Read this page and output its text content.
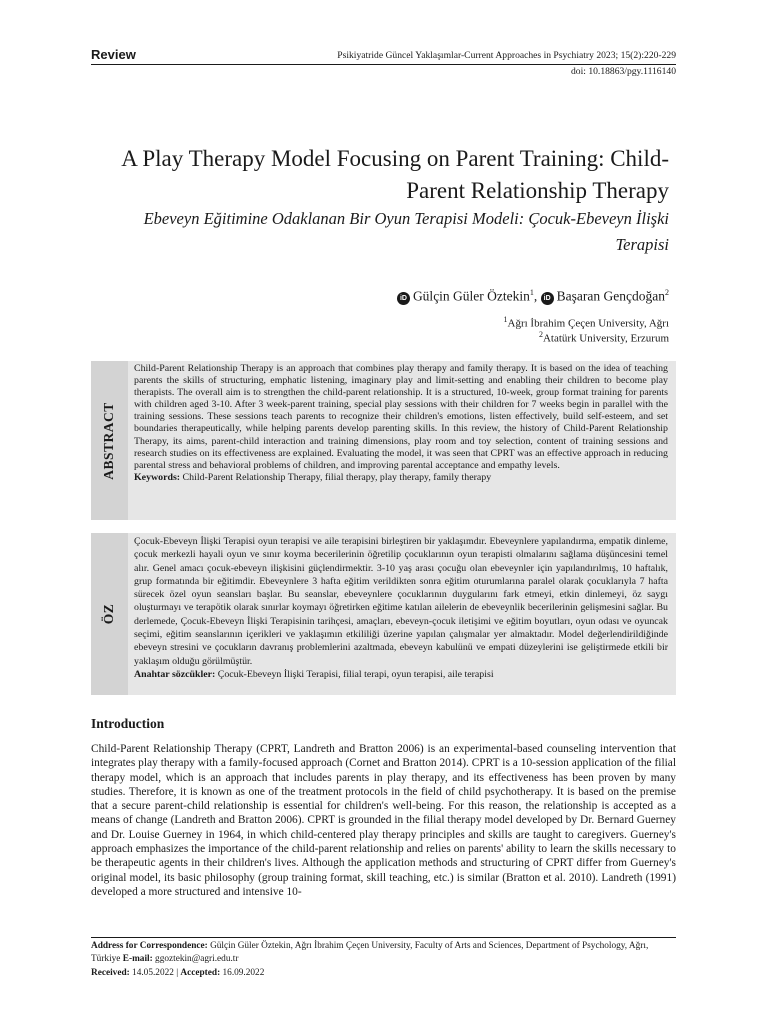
Review	Psikiyatride Güncel Yaklaşımlar-Current Approaches in Psychiatry 2023; 15(2):220-229
doi: 10.18863/pgy.1116140
A Play Therapy Model Focusing on Parent Training: Child-Parent Relationship Therapy
Ebeveyn Eğitimine Odaklanan Bir Oyun Terapisi Modeli: Çocuk-Ebeveyn İlişki Terapisi
iD Gülçin Güler Öztekin$^1$, iD Başaran Gençdoğan$^2$
$^1$Ağrı İbrahim Çeçen University, Ağrı
$^2$Atatürk University, Erzurum
ABSTRACT
Child-Parent Relationship Therapy is an approach that combines play therapy and family therapy. It is based on the idea of teaching parents the skills of structuring, emphatic listening, imaginary play and limit-setting and enabling their children to become play therapists. The overall aim is to strengthen the child-parent relationship. It is a structured, 10-week, group format training for parents with children aged 3-10. After 3 week-parent training, special play sessions with their children for 7 weeks begin in parallel with the training sessions. These sessions teach parents to recognize their children's emotions, listen effectively, build self-esteem, and set boundaries therapeutically, while helping parents develop parenting skills. In this review, the history of Child-Parent Relationship Therapy, its aims, parent-child interaction and training dimensions, play room and toy selection, content of training sessions and research studies on its effectiveness are explained. Evaluating the model, it was seen that CPRT was an effective approach in reducing parental stress and behavioral problems of children, and improving parental acceptance and empathy levels.
Keywords: Child-Parent Relationship Therapy, filial therapy, play therapy, family therapy
ÖZ
Çocuk-Ebeveyn İlişki Terapisi oyun terapisi ve aile terapisini birleştiren bir yaklaşımdır. Ebeveynlere yapılandırma, empatik dinleme, çocuk merkezli hayali oyun ve sınır koyma becerilerinin öğretilip çocuklarının oyun terapisti olmalarını sağlama düşüncesini temel alır. Genel amacı çocuk-ebeveyn ilişkisini güçlendirmektir. 3-10 yaş arası çocuğu olan ebeveynler için yapılandırılmış, 10 haftalık, grup formatında bir eğitimdir. Ebeveynlere 3 hafta eğitim verildikten sonra eğitim oturumlarına paralel olarak çocuklarıyla 7 hafta sürecek özel oyun seansları başlar. Bu seanslar, ebeveynlere çocuklarının duygularını fark etmeyi, etkin dinlemeyi, öz saygı oluşturmayı ve terapötik olarak sınırlar koymayı öğretirken eğitime katılan ailelerin de ebeveynlik becerilerinin gelişmesini sağlar. Bu derlemede, Çocuk-Ebeveyn İlişki Terapisinin tarihçesi, amaçları, ebeveyn-çocuk iletişimi ve eğitim boyutları, oyun odası ve oyuncak seçimi, eğitim seanslarının içerikleri ve yaklaşımın etkililiği üzerine yapılan çalışmalar yer almaktadır. Model değerlendirildiğinde ebeveyn stresini ve çocukların davranış problemlerini azaltmada, ebeveyn kabulünü ve empati düzeylerini ise geliştirmede etkili bir yaklaşım olduğu görülmüştür.
Anahtar sözcükler: Çocuk-Ebeveyn İlişki Terapisi, filial terapi, oyun terapisi, aile terapisi
Introduction
Child-Parent Relationship Therapy (CPRT, Landreth and Bratton 2006) is an experimental-based counseling intervention that integrates play therapy with a family-focused approach (Cornet and Bratton 2014). CPRT is a 10-session application of the filial therapy model, which is an approach that includes parents in play therapy, and its effectiveness has been proven by many studies. Therefore, it is known as one of the treatment protocols in the field of child psychotherapy. It is based on the premise that a secure parent-child relationship is essential for children's well-being. For this reason, the relationship is accepted as a means of change (Landreth and Bratton 2006). CPRT is grounded in the filial therapy model developed by Dr. Bernard Guerney and Dr. Louise Guerney in 1964, in which child-centered play therapy principles and skills are taught to caregivers. Guerney's approach emphasizes the importance of the child-parent relationship and relies on parents' ability to learn the skills necessary to be therapeutic agents in their children's lives. Although the application methods and structuring of CPRT differ from Guerney's original model, its basic philosophy (group training format, skill teaching, etc.) is similar (Bratton et al. 2010). Landreth (1991) developed a more structured and intensive 10-
Address for Correspondence: Gülçin Güler Öztekin, Ağrı İbrahim Çeçen University, Faculty of Arts and Sciences, Department of Psychology, Ağrı, Türkiye E-mail: ggoztekin@agri.edu.tr
Received: 14.05.2022 | Accepted: 16.09.2022
